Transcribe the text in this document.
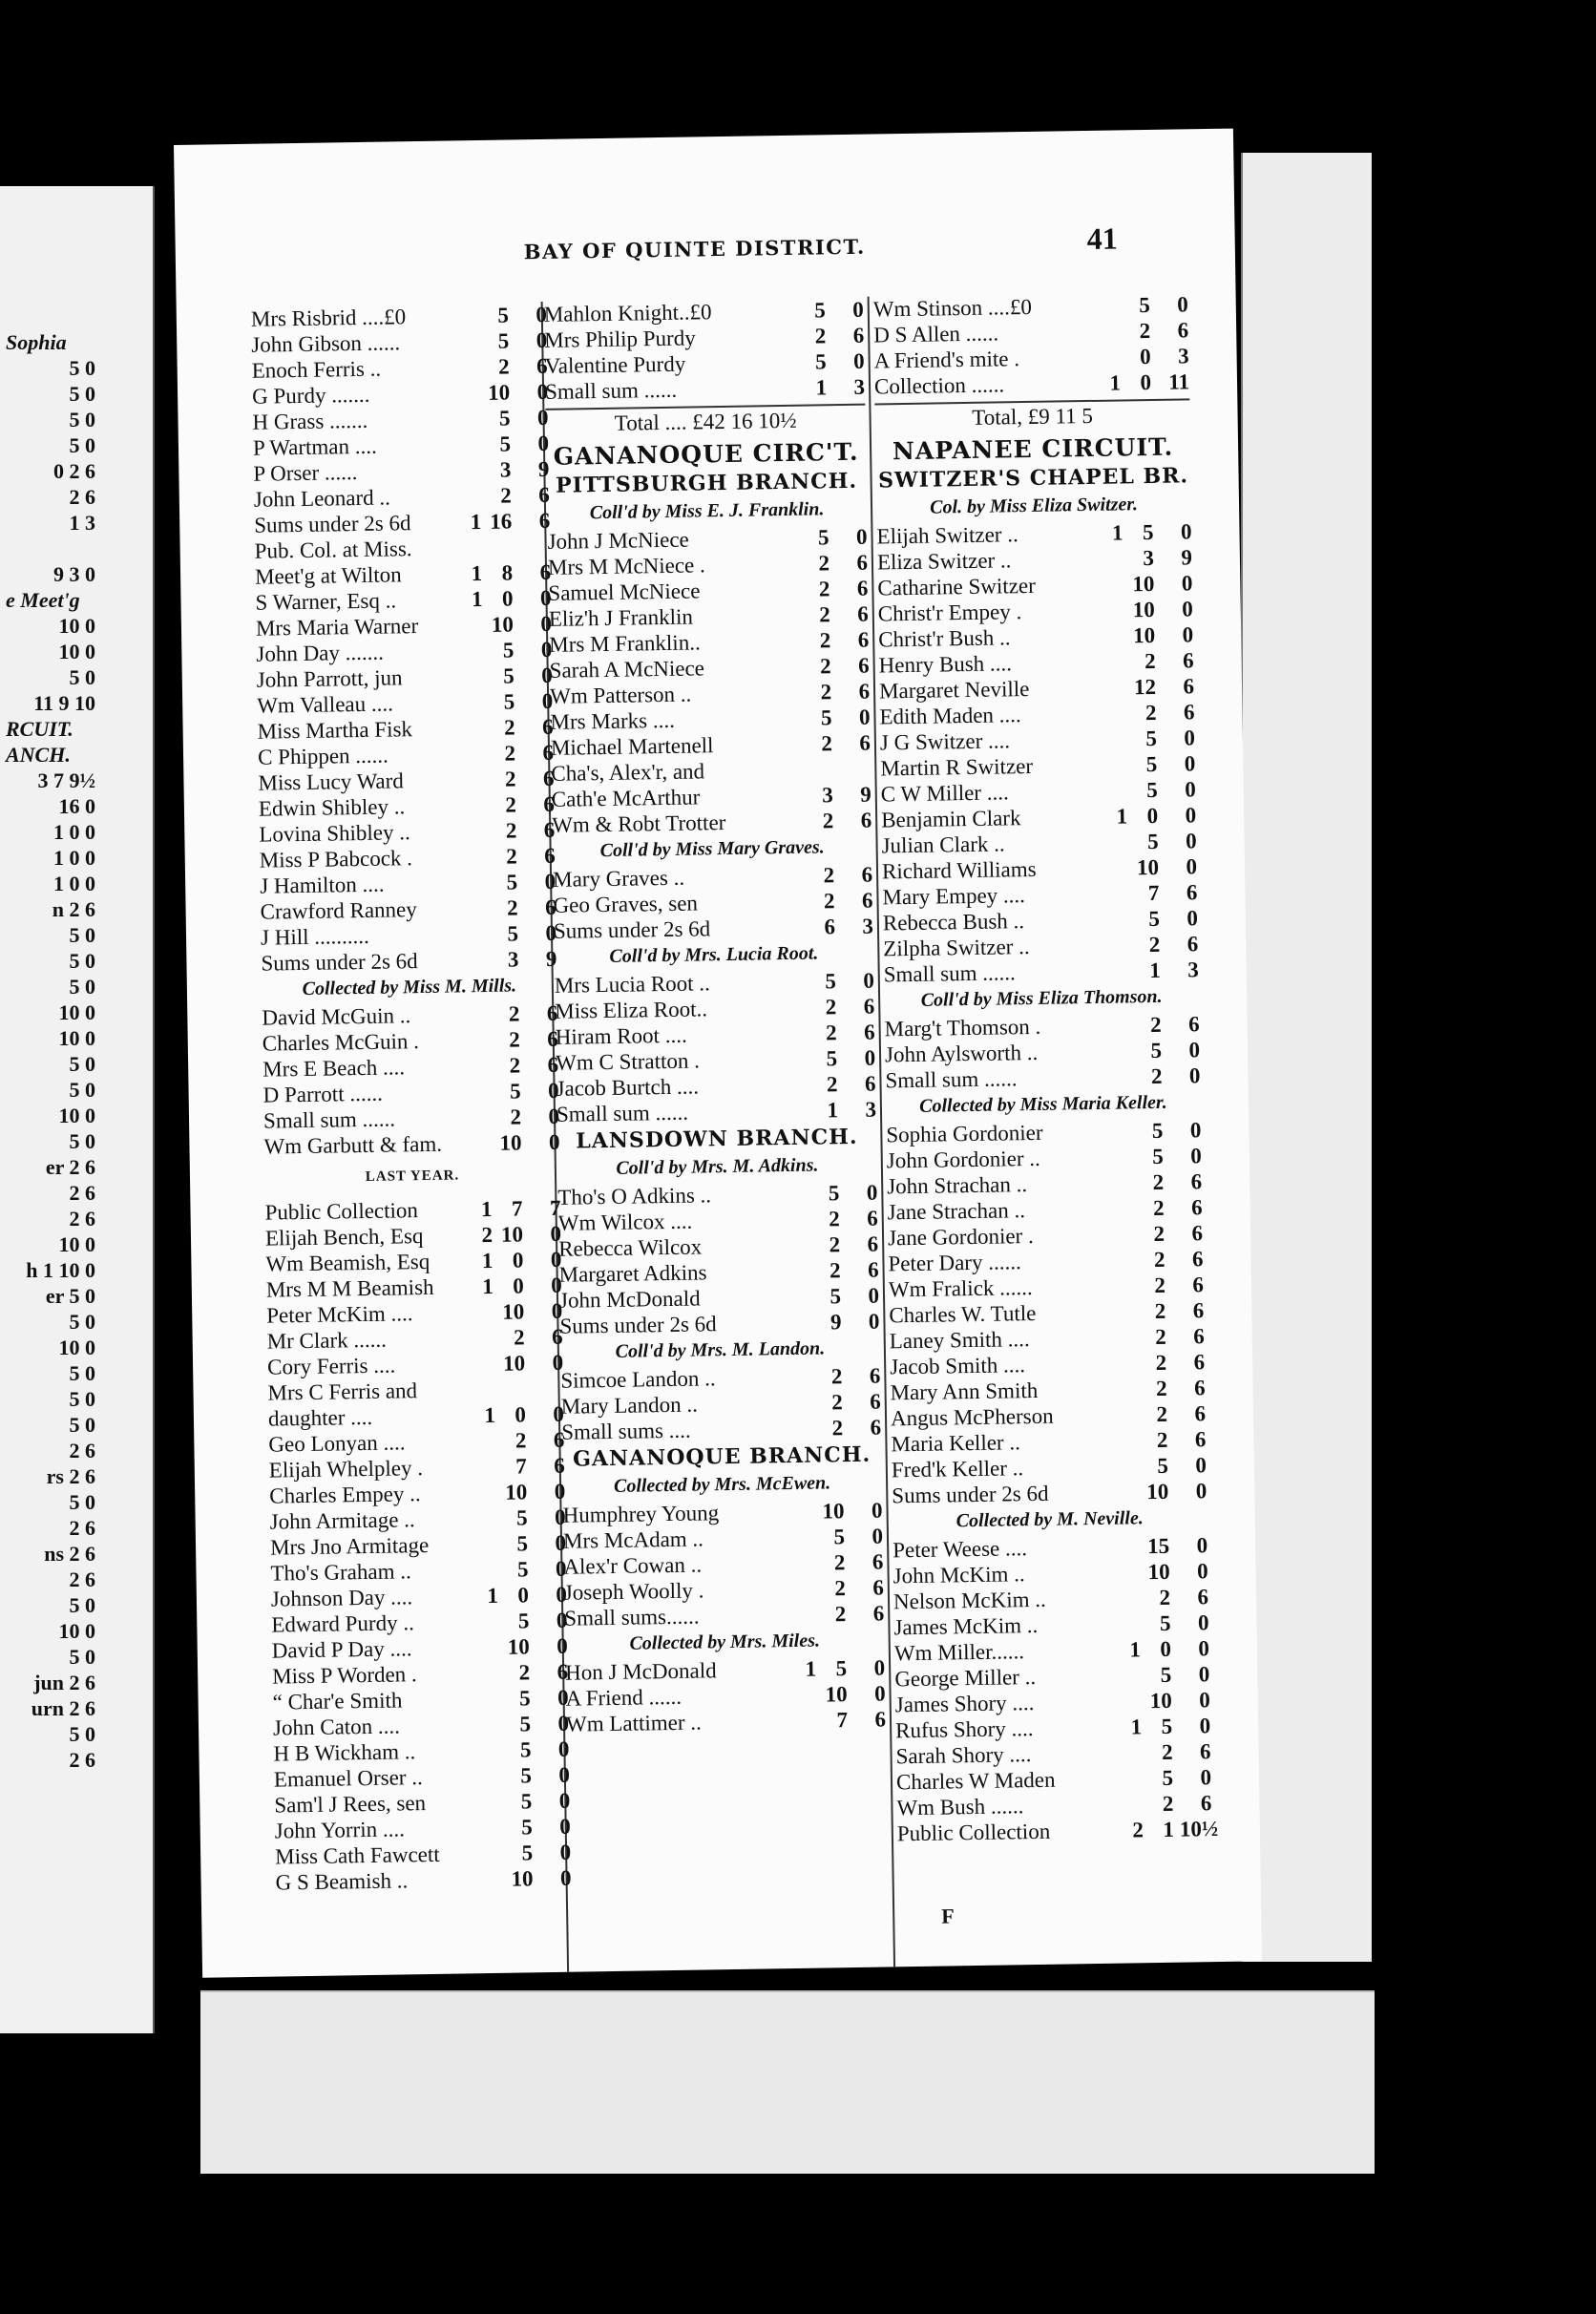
Sophia
5 0
5 0
5 0
5 0
0 2 6
2 6
1 3
9 3 0
e Meet'g
10 0
10 0
5 0
11 9 10
RCUIT.
ANCH.
3 7 9½
16 0
1 0 0
1 0 0
1 0 0
n 2 6
5 0
5 0
5 0
10 0
10 0
5 0
5 0
10 0
5 0
er 2 6
2 6
2 6
10 0
h 1 10 0
er 5 0
5 0
10 0
5 0
5 0
5 0
2 6
rs 2 6
5 0
2 6
ns 2 6
2 6
5 0
10 0
5 0
jun 2 6
urn 2 6
5 0
2 6
BAY OF QUINTE DISTRICT.	41
Mrs Risbrid ....£0	5	0
John Gibson ......	5	0
Enoch Ferris ..	2	6
G Purdy .......	10	0
H Grass .......	5	0
P Wartman ....	5	0
P Orser ......	3	9
John Leonard ..	2	6
Sums under 2s 6d	1 16	6
Pub. Col. at Miss.
Meet'g at Wilton	1 8	6
S Warner, Esq ..	1 0	0
Mrs Maria Warner	10	0
John Day .......	5	0
John Parrott, jun	5	0
Wm Valleau ....	5	0
Miss Martha Fisk	2	6
C Phippen ......	2	6
Miss Lucy Ward	2	6
Edwin Shibley ..	2	6
Lovina Shibley ..	2	6
Miss P Babcock .	2	6
J Hamilton ....	5	0
Crawford Ranney	2	6
J Hill ..........	5	0
Sums under 2s 6d	3	9
Collected by Miss M. Mills.
David McGuin ..	2	6
Charles McGuin .	2	6
Mrs E Beach ....	2	6
D Parrott ......	5	0
Small sum ......	2	0
Wm Garbutt & fam.	10	0
LAST YEAR.
Public Collection	1 7	7
Elijah Bench, Esq	2 10	0
Wm Beamish, Esq	1 0	0
Mrs M M Beamish	1 0	0
Peter McKim ....	10	0
Mr Clark ......	2	6
Cory Ferris ....	10	0
Mrs C Ferris and
daughter ....	1 0	0
Geo Lonyan ....	2	6
Elijah Whelpley .	7	6
Charles Empey ..	10	0
John Armitage ..	5	0
Mrs Jno Armitage	5	0
Tho's Graham ..	5	0
Johnson Day ....	1 0	0
Edward Purdy ..	5	0
David P Day ....	10	0
Miss P Worden .	2	6
“ Char'e Smith	5	0
John Caton ....	5	0
H B Wickham ..	5	0
Emanuel Orser ..	5	0
Sam'l J Rees, sen	5	0
John Yorrin ....	5	0
Miss Cath Fawcett	5	0
G S Beamish ..	10	0
Mahlon Knight..£0	5	0
Mrs Philip Purdy	2	6
Valentine Purdy	5	0
Small sum ......	1	3
Total .... £42 16 10½
GANANOQUE CIRC'T.
PITTSBURGH BRANCH.
Coll'd by Miss E. J. Franklin.
John J McNiece	5	0
Mrs M McNiece .	2	6
Samuel McNiece	2	6
Eliz'h J Franklin	2	6
Mrs M Franklin..	2	6
Sarah A McNiece	2	6
Wm Patterson ..	2	6
Mrs Marks ....	5	0
Michael Martenell	2	6
Cha's, Alex'r, and
Cath'e McArthur	3	9
Wm & Robt Trotter	2	6
Coll'd by Miss Mary Graves.
Mary Graves ..	2	6
Geo Graves, sen	2	6
Sums under 2s 6d	6	3
Coll'd by Mrs. Lucia Root.
Mrs Lucia Root ..	5	0
Miss Eliza Root..	2	6
Hiram Root ....	2	6
Wm C Stratton .	5	0
Jacob Burtch ....	2	6
Small sum ......	1	3
LANSDOWN BRANCH.
Coll'd by Mrs. M. Adkins.
Tho's O Adkins ..	5	0
Wm Wilcox ....	2	6
Rebecca Wilcox	2	6
Margaret Adkins	2	6
John McDonald	5	0
Sums under 2s 6d	9	0
Coll'd by Mrs. M. Landon.
Simcoe Landon ..	2	6
Mary Landon ..	2	6
Small sums ....	2	6
GANANOQUE BRANCH.
Collected by Mrs. McEwen.
Humphrey Young	10	0
Mrs McAdam ..	5	0
Alex'r Cowan ..	2	6
Joseph Woolly .	2	6
Small sums......	2	6
Collected by Mrs. Miles.
Hon J McDonald	1 5	0
A Friend ......	10	0
Wm Lattimer ..	7	6
Wm Stinson ....£0	5	0
D S Allen ......	2	6
A Friend's mite .	0	3
Collection ......	1 0 11
Total, £9 11 5
NAPANEE CIRCUIT.
SWITZER'S CHAPEL BR.
Col. by Miss Eliza Switzer.
Elijah Switzer ..	1 5	0
Eliza Switzer ..	3	9
Catharine Switzer	10	0
Christ'r Empey .	10	0
Christ'r Bush ..	10	0
Henry Bush ....	2	6
Margaret Neville	12	6
Edith Maden ....	2	6
J G Switzer ....	5	0
Martin R Switzer	5	0
C W Miller ....	5	0
Benjamin Clark	1 0	0
Julian Clark ..	5	0
Richard Williams	10	0
Mary Empey ....	7	6
Rebecca Bush ..	5	0
Zilpha Switzer ..	2	6
Small sum ......	1	3
Coll'd by Miss Eliza Thomson.
Marg't Thomson .	2	6
John Aylsworth ..	5	0
Small sum ......	2	0
Collected by Miss Maria Keller.
Sophia Gordonier	5	0
John Gordonier ..	5	0
John Strachan ..	2	6
Jane Strachan ..	2	6
Jane Gordonier .	2	6
Peter Dary ......	2	6
Wm Fralick ......	2	6
Charles W. Tutle	2	6
Laney Smith ....	2	6
Jacob Smith ....	2	6
Mary Ann Smith	2	6
Angus McPherson	2	6
Maria Keller ..	2	6
Fred'k Keller ..	5	0
Sums under 2s 6d	10	0
Collected by M. Neville.
Peter Weese ....	15	0
John McKim ..	10	0
Nelson McKim ..	2	6
James McKim ..	5	0
Wm Miller......	1 0	0
George Miller ..	5	0
James Shory ....	10	0
Rufus Shory ....	1 5	0
Sarah Shory ....	2	6
Charles W Maden	5	0
Wm Bush ......	2	6
Public Collection	2 1 10½
F
